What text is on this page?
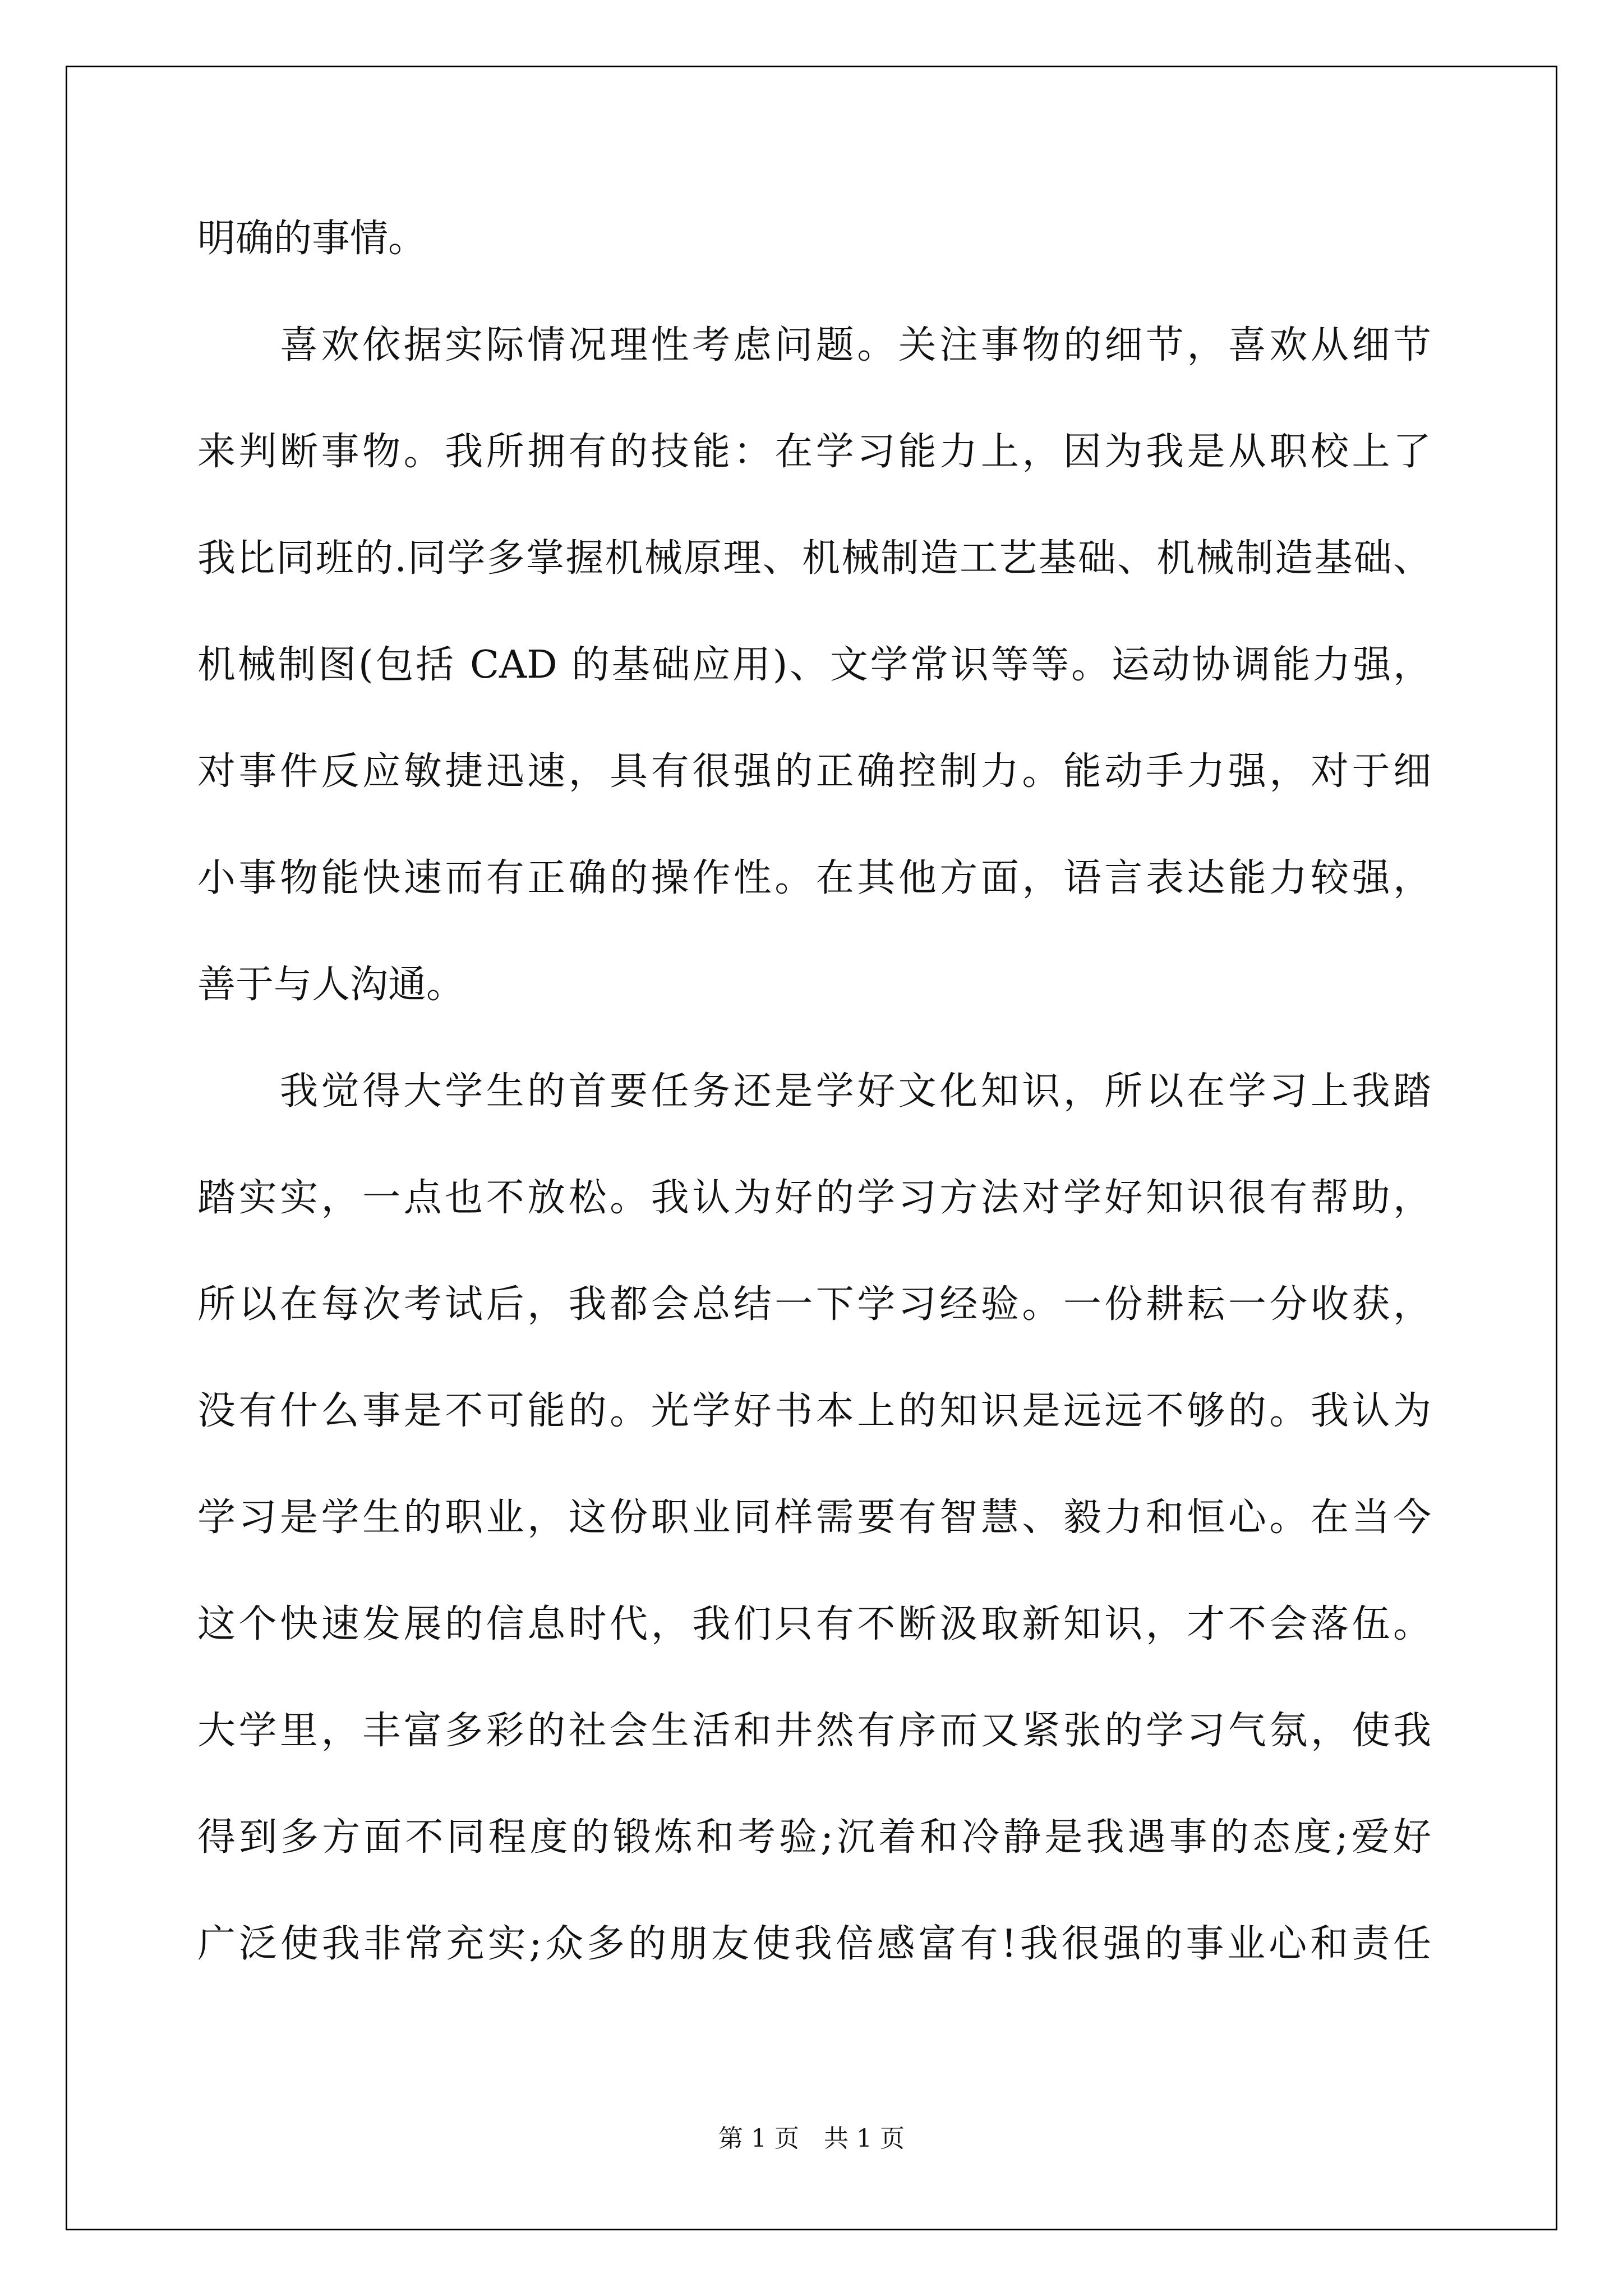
明确的事情。
喜欢依据实际情况理性考虑问题。关注事物的细节，喜欢从细节
来判断事物。我所拥有的技能：在学习能力上，因为我是从职校上了
我比同班的.同学多掌握机械原理、机械制造工艺基础、机械制造基础、
机械制图(包括 CAD 的基础应用)、文学常识等等。运动协调能力强，
对事件反应敏捷迅速，具有很强的正确控制力。能动手力强，对于细
小事物能快速而有正确的操作性。在其他方面，语言表达能力较强，
善于与人沟通。
我觉得大学生的首要任务还是学好文化知识，所以在学习上我踏
踏实实，一点也不放松。我认为好的学习方法对学好知识很有帮助，
所以在每次考试后，我都会总结一下学习经验。一份耕耘一分收获，
没有什么事是不可能的。光学好书本上的知识是远远不够的。我认为
学习是学生的职业，这份职业同样需要有智慧、毅力和恒心。在当今
这个快速发展的信息时代，我们只有不断汲取新知识，才不会落伍。
大学里，丰富多彩的社会生活和井然有序而又紧张的学习气氛，使我
得到多方面不同程度的锻炼和考验;沉着和冷静是我遇事的态度;爱好
广泛使我非常充实;众多的朋友使我倍感富有!我很强的事业心和责任
第 1 页　共 1 页
